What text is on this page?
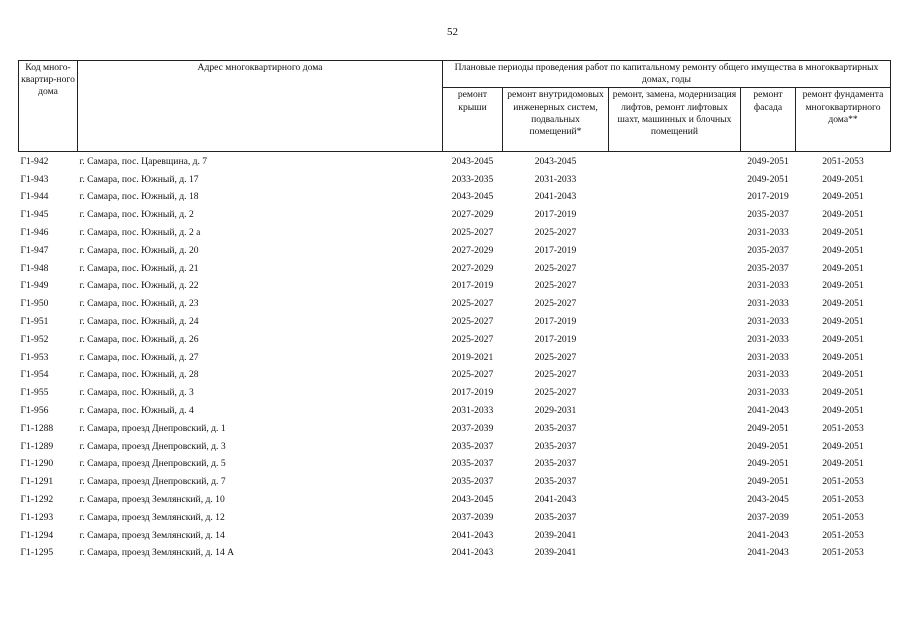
52
Код много-квартир-ного дома	Адрес многоквартирного дома	Плановые периоды проведения работ по капитальному ремонту общего имущества в многоквартирных домах, годы				
		ремонт крыши	ремонт внутридомовых инженерных систем, подвальных помещений*	ремонт, замена, модернизация лифтов, ремонт лифтовых шахт, машинных и блочных помещений	ремонт фасада	ремонт фундамента многоквартирного дома**
Г1-942	г. Самара, пос. Царевщина, д. 7	2043-2045	2043-2045		2049-2051	2051-2053
Г1-943	г. Самара, пос. Южный, д. 17	2033-2035	2031-2033		2049-2051	2049-2051
Г1-944	г. Самара, пос. Южный, д. 18	2043-2045	2041-2043		2017-2019	2049-2051
Г1-945	г. Самара, пос. Южный, д. 2	2027-2029	2017-2019		2035-2037	2049-2051
Г1-946	г. Самара, пос. Южный, д. 2 а	2025-2027	2025-2027		2031-2033	2049-2051
Г1-947	г. Самара, пос. Южный, д. 20	2027-2029	2017-2019		2035-2037	2049-2051
Г1-948	г. Самара, пос. Южный, д. 21	2027-2029	2025-2027		2035-2037	2049-2051
Г1-949	г. Самара, пос. Южный, д. 22	2017-2019	2025-2027		2031-2033	2049-2051
Г1-950	г. Самара, пос. Южный, д. 23	2025-2027	2025-2027		2031-2033	2049-2051
Г1-951	г. Самара, пос. Южный, д. 24	2025-2027	2017-2019		2031-2033	2049-2051
Г1-952	г. Самара, пос. Южный, д. 26	2025-2027	2017-2019		2031-2033	2049-2051
Г1-953	г. Самара, пос. Южный, д. 27	2019-2021	2025-2027		2031-2033	2049-2051
Г1-954	г. Самара, пос. Южный, д. 28	2025-2027	2025-2027		2031-2033	2049-2051
Г1-955	г. Самара, пос. Южный, д. 3	2017-2019	2025-2027		2031-2033	2049-2051
Г1-956	г. Самара, пос. Южный, д. 4	2031-2033	2029-2031		2041-2043	2049-2051
Г1-1288	г. Самара, проезд Днепровский, д. 1	2037-2039	2035-2037		2049-2051	2051-2053
Г1-1289	г. Самара, проезд Днепровский, д. 3	2035-2037	2035-2037		2049-2051	2049-2051
Г1-1290	г. Самара, проезд Днепровский, д. 5	2035-2037	2035-2037		2049-2051	2049-2051
Г1-1291	г. Самара, проезд Днепровский, д. 7	2035-2037	2035-2037		2049-2051	2051-2053
Г1-1292	г. Самара, проезд Землянский, д. 10	2043-2045	2041-2043		2043-2045	2051-2053
Г1-1293	г. Самара, проезд Землянский, д. 12	2037-2039	2035-2037		2037-2039	2051-2053
Г1-1294	г. Самара, проезд Землянский, д. 14	2041-2043	2039-2041		2041-2043	2051-2053
Г1-1295	г. Самара, проезд Землянский, д. 14 А	2041-2043	2039-2041		2041-2043	2051-2053
